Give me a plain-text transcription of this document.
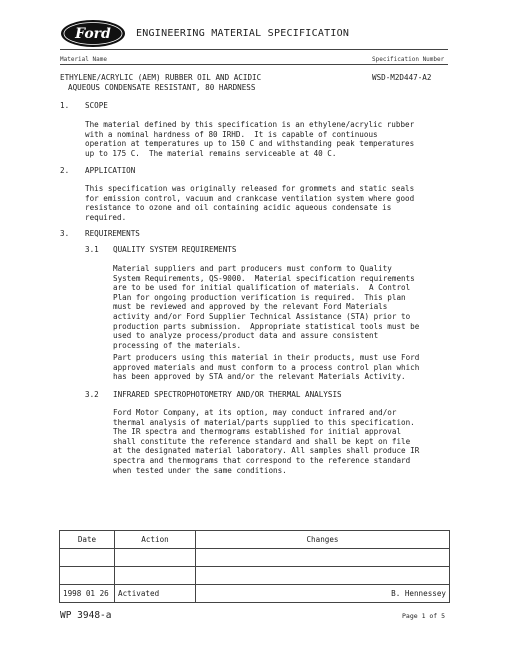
Ford	ENGINEERING MATERIAL SPECIFICATION
Material Name	Specification Number
ETHYLENE/ACRYLIC (AEM) RUBBER OIL AND ACIDIC
AQUEOUS CONDENSATE RESISTANT, 80 HARDNESS
WSD-M2D447-A2
1. SCOPE
The material defined by this specification is an ethylene/acrylic rubber
with a nominal hardness of 80 IRHD.  It is capable of continuous
operation at temperatures up to 150 C and withstanding peak temperatures
up to 175 C.  The material remains serviceable at 40 C.
2. APPLICATION
This specification was originally released for grommets and static seals
for emission control, vacuum and crankcase ventilation system where good
resistance to ozone and oil containing acidic aqueous condensate is
required.
3. REQUIREMENTS
3.1 QUALITY SYSTEM REQUIREMENTS
Material suppliers and part producers must conform to Quality
System Requirements, QS-9000.  Material specification requirements
are to be used for initial qualification of materials.  A Control
Plan for ongoing production verification is required.  This plan
must be reviewed and approved by the relevant Ford Materials
activity and/or Ford Supplier Technical Assistance (STA) prior to
production parts submission.  Appropriate statistical tools must be
used to analyze process/product data and assure consistent
processing of the materials.
Part producers using this material in their products, must use Ford
approved materials and must conform to a process control plan which
has been approved by STA and/or the relevant Materials Activity.
3.2 INFRARED SPECTROPHOTOMETRY AND/OR THERMAL ANALYSIS
Ford Motor Company, at its option, may conduct infrared and/or
thermal analysis of material/parts supplied to this specification.
The IR spectra and thermograms established for initial approval
shall constitute the reference standard and shall be kept on file
at the designated material laboratory. All samples shall produce IR
spectra and thermograms that correspond to the reference standard
when tested under the same conditions.
Date	Action	Changes

1998 01 26	Activated	B. Hennessey
WP 3948-a	Page 1 of 5
